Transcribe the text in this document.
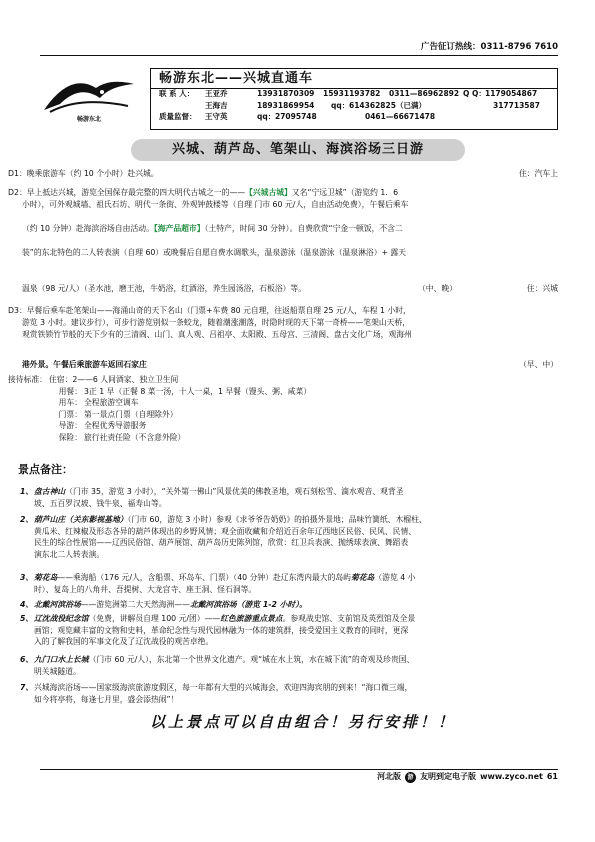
广告征订热线：0311-8796 7610
畅游东北
畅游东北——兴城直通车
联 系 人：	王亚乔	13931870309	15931193782	0311—86962892 Q Q： 1179054867
王海吉	18931869954	qq： 614362825（已满）	317713587
质量监督：	王守英	qq： 27095748	0461—66671478
兴城、葫芦岛、笔架山、海滨浴场三日游
D1：晚乘旅游车（约 10 个小时）赴兴城。	住：汽车上
D2：早上抵达兴城，游览全国保存最完整的四大明代古城之一的——【兴城古城】又名“宁远卫城”（游览约 1．6
小时），可外观城墙、祖氏石坊、明代一条街、外观钟鼓楼等（自理 门市 60 元/人，自由活动免费），午餐后乘车
（约 10 分钟）赴海滨浴场自由活动。【海产品超市】（土特产，时间 30 分钟）。自费欣赏“宁金一顿饭，不含二
装”的东北特色的二人转表演（自理 60）或晚餐后自愿自费水调歌头，温泉游泳（温泉游泳（温泉淋浴）+ 露天
温泉（98 元/人）（圣水池，磨王池，牛奶浴，红酒浴，养生园汤浴，石板浴）等。	（中、晚）	住：兴城
D3：早餐后乘车赴笔架山——海涌山奇的天下名山（门票+车费 80 元自理，往返船票自理 25 元/人，车程 1 小时，
游览 3 小时。建议步行），可步行游览别似一条蛟龙，随着潮涨潮落，时隐时现的天下第一奇桥——笔架山天桥，
观赏铁锁竹节般的天下少有的三清阁、山门、真人观、吕祖亭、太阳殿、五母宫、三清阁、盘古文化广场，观海州
港外景。午餐后乘旅游车返回石家庄	（早、中）
接待标准： 住宿：2——6 人间酒家、独立卫生间
用餐： 3正 1 早（正餐 8 菜一汤，十人一桌，1 早餐（馒头、粥、咸菜）
用车： 全程旅游空调车
门票： 第一景点门票（自理除外）
导游： 全程优秀导游服务
保险： 旅行社责任险（不含意外险）
景点备注：
1、 盘古神山（门市 35，游览 3 小时），“关外第一佛山”风景优美的佛教圣地，观石刻松雪、滴水观音、观背圣
坡、五百罗汉坡、钱牛泉、福寿山等。
2、 葫芦山庄（关东影视基地）（门市 60，游览 3 小时）参观《求爷爷告奶奶》的拍摄外景地；品味竹簧纸、木榴柱、
黄瓜米、红辣椒及形态各异的葫芦体现出的乡野风情；观全面收藏和介绍近百余年辽西地区民俗、民风、民情、
民生的综合性展馆——辽西民俗馆、葫芦展馆、葫芦岛历史陈列馆，欣赏：红卫兵表演、抛绣球表演、舞蹈表
演东北二人转表演。
3、 菊花岛——乘海船（176 元/人，含船票、环岛车、门票）（40 分钟）赴辽东湾内最大的岛屿菊花岛（游览 4 小
时）、复岛上的八角井、吾提树、大龙宫寺、座王洞、怪石洞等。
4、 北戴河滨浴场——游览洲第二大天然海洲——北戴河滨浴场（游览 1-2 小时）。
5、 辽沈战役纪念馆（免费，讲解员自理 100 元/团）——红色旅游重点景点。参观战史馆、支前馆及英烈馆及全景
画馆；观览藏丰富的文物和史料，革命纪念性与现代园林融为一体的建筑群，接受爱国主义教育的同时，更深
入的了解我国的军事文化及了辽沈战役的观苦卓绝。
6、 九门口水上长城（门市 60 元/人），东北第一个世界文化遗产。观“城在水上筑，水在城下流”的奇观及珍贵国、
明关城隧道。
7、 兴城海滨浴场——国家级海滨旅游度假区，每一年都有大型的兴城海会，欢迎四海宾朋的到来！“海口微三端，
如今将亭将，每逢七月里，盛会添热闹”！
以上景点可以自由组合！另行安排！！
河北版	游 友明到定电子版 www.zyco.net 61
